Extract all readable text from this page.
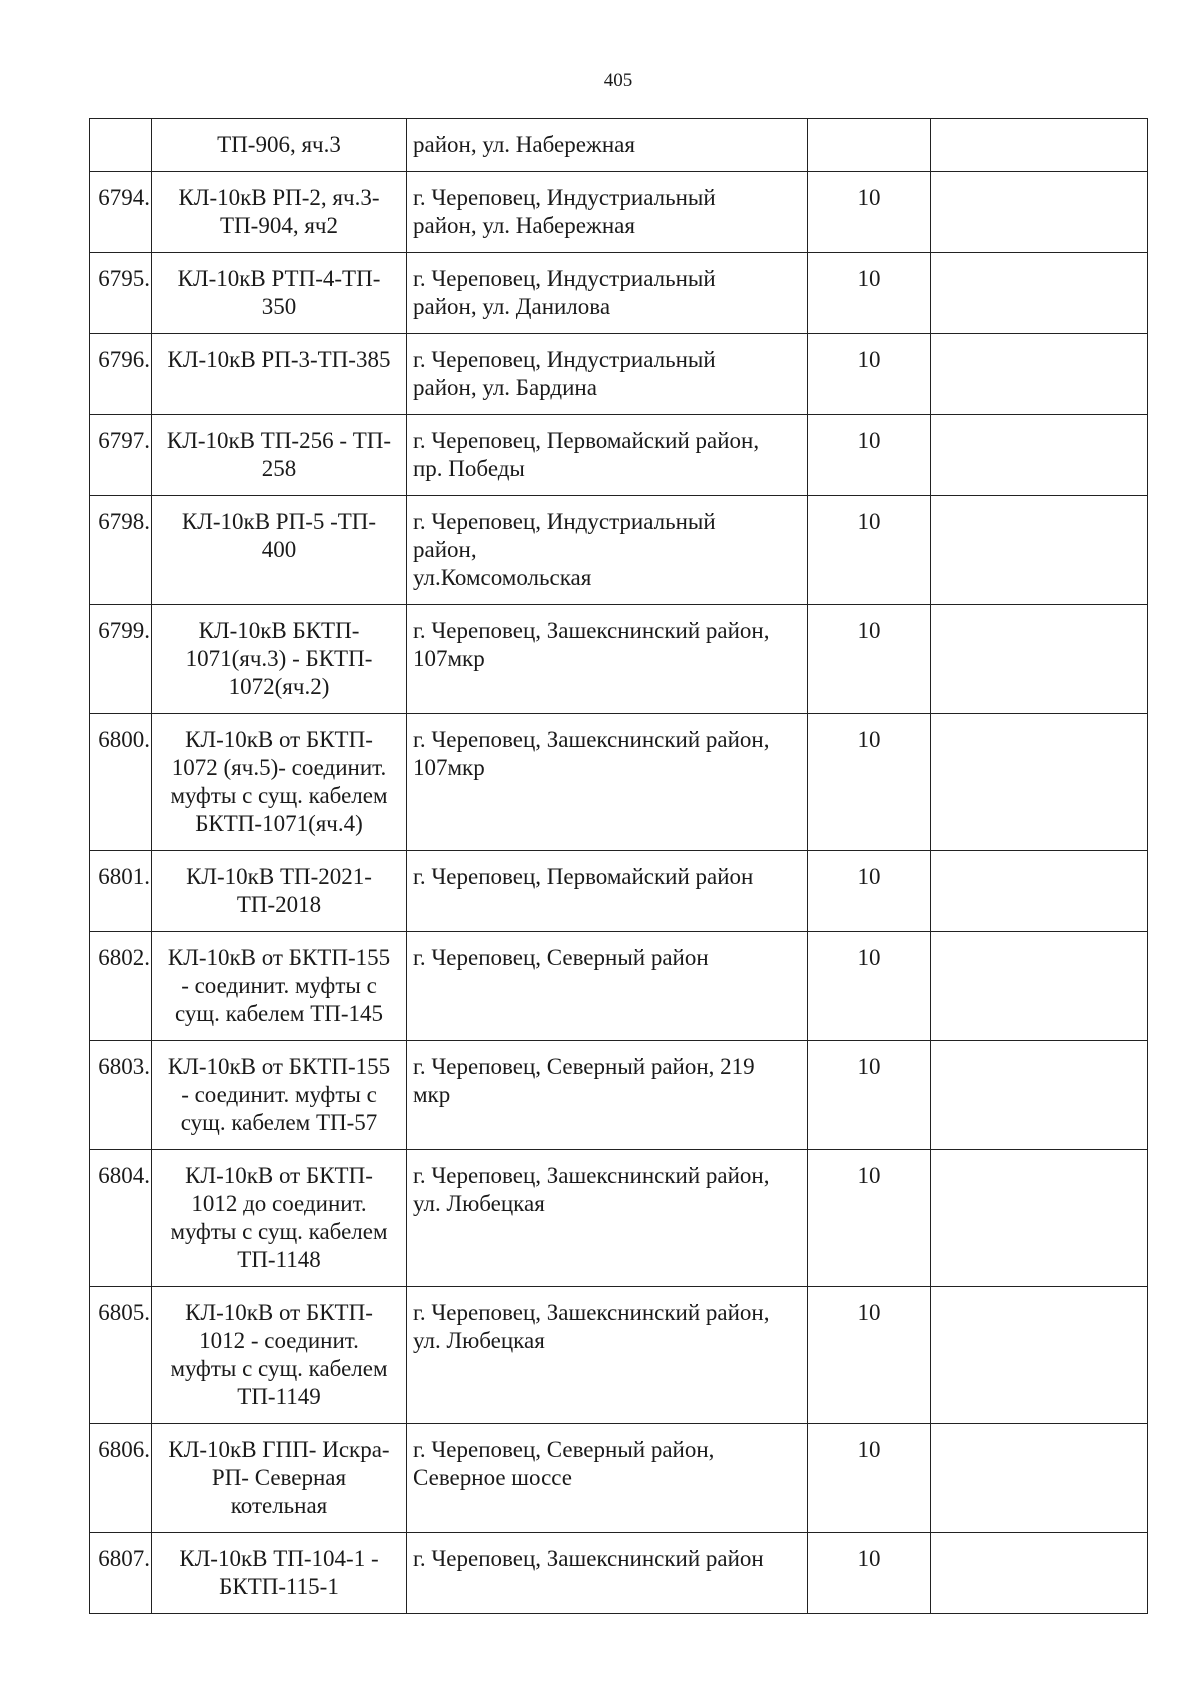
405
	ТП-906, яч.3	район, ул. Набережная		
6794.	КЛ-10кВ РП-2, яч.3-
ТП-904, яч2	г. Череповец, Индустриальный
район, ул. Набережная	10	
6795.	КЛ-10кВ РТП-4-ТП-
350	г. Череповец, Индустриальный
район, ул. Данилова	10	
6796.	КЛ-10кВ РП-3-ТП-385	г. Череповец, Индустриальный
район, ул. Бардина	10	
6797.	КЛ-10кВ ТП-256 - ТП-
258	г. Череповец, Первомайский район,
пр. Победы	10	
6798.	КЛ-10кВ РП-5 -ТП-
400	г. Череповец, Индустриальный
район,
ул.Комсомольская	10	
6799.	КЛ-10кВ БКТП-
1071(яч.3) - БКТП-
1072(яч.2)	г. Череповец, Зашекснинский район,
107мкр	10	
6800.	КЛ-10кВ от БКТП-
1072 (яч.5)- соединит.
муфты с сущ. кабелем
БКТП-1071(яч.4)	г. Череповец, Зашекснинский район,
107мкр	10	
6801.	КЛ-10кВ ТП-2021-
ТП-2018	г. Череповец, Первомайский район	10	
6802.	КЛ-10кВ от БКТП-155
- соединит. муфты с
сущ. кабелем ТП-145	г. Череповец, Северный район	10	
6803.	КЛ-10кВ от БКТП-155
- соединит. муфты с
сущ. кабелем ТП-57	г. Череповец, Северный район, 219
мкр	10	
6804.	КЛ-10кВ от БКТП-
1012 до соединит.
муфты с сущ. кабелем
ТП-1148	г. Череповец, Зашекснинский район,
ул. Любецкая	10	
6805.	КЛ-10кВ от БКТП-
1012 - соединит.
муфты с сущ. кабелем
ТП-1149	г. Череповец, Зашекснинский район,
ул. Любецкая	10	
6806.	КЛ-10кВ ГПП- Искра-
РП- Северная
котельная	г. Череповец, Северный район,
Северное шоссе	10	
6807.	КЛ-10кВ ТП-104-1 -
БКТП-115-1	г. Череповец, Зашекснинский район	10	
